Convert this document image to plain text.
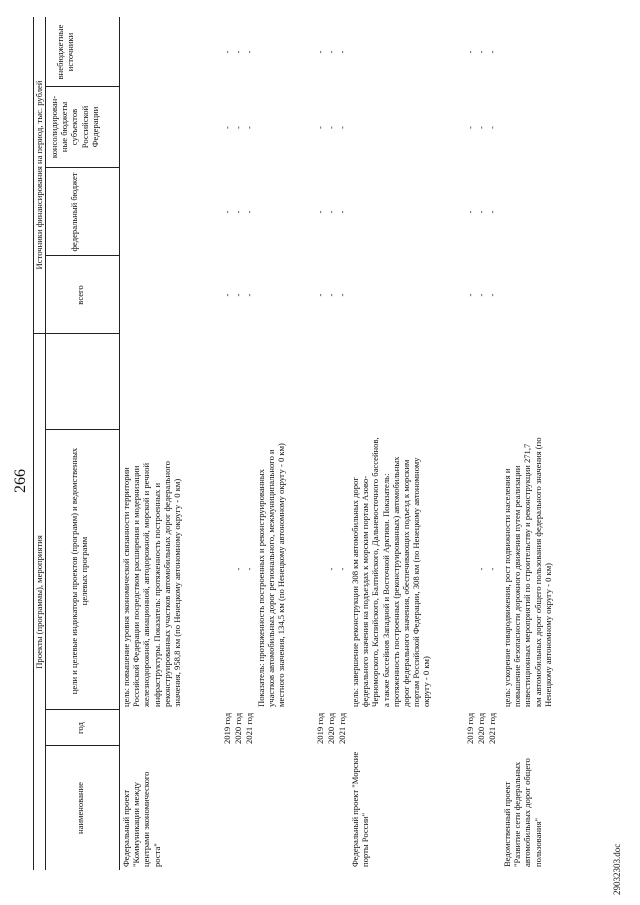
266
29032303.doc
Проекты (программы), мероприятия
Источники финансирования на период, тыс. рублей
наименование
год
цели и целевые индикаторы проектов (программ) и ведомственных целевых программ
всего
федеральный бюджет
консолидирован-ные бюджеты субъектов Российской Федерации
внебюджетные источники
Федеральный проект "Коммуникации между центрами экономического роста"
цель: повышение уровня экономической связанности территории Российской Федерации посредством расширения и модернизации железнодорожной, авиационной, автодорожной, морской и речной инфраструктуры. Показатель: протяженность построенных и реконструированных участков автомобильных дорог федерального значения, 958,8 км (по Ненецкому автономному округу - 0 км)
2019 год 2020 год 2021 год
- -
- - -
- - -
- - -
- - -
Показатель: протяженность построенных и реконструированных участков автомобильных дорог регионального, межмуниципального и местного значения, 134,5 км (по Ненецкому автономному округу - 0 км)
2019 год 2020 год 2021 год
- -
- - -
- - -
- - -
- - -
Федеральный проект "Морские порты России"
цель: завершение реконструкции 308 км автомобильных дорог федерального значения на подъездах к морским портам Азово-Черноморского, Каспийского, Балтийского, Дальневосточного бассейнов, а также бассейнов Западной и Восточной Арктики. Показатель: протяженность построенных (реконструированных) автомобильных дорог федерального значения, обеспечивающих подъезд к морским портам Российской Федерации, 308 км (по Ненецкому автономному округу - 0 км)
2019 год 2020 год 2021 год
- -
- - -
- - -
- - -
- - -
Ведомственный проект "Развитие сети федеральных автомобильных дорог общего пользования"
цель: ускорение товародвижения, рост подвижности населения и повышение безопасности дорожного движения путем реализации инвестиционных мероприятий по строительству и реконструкции 271,7 км автомобильных дорог общего пользования федерального значения (по Ненецкому автономному округу - 0 км)
